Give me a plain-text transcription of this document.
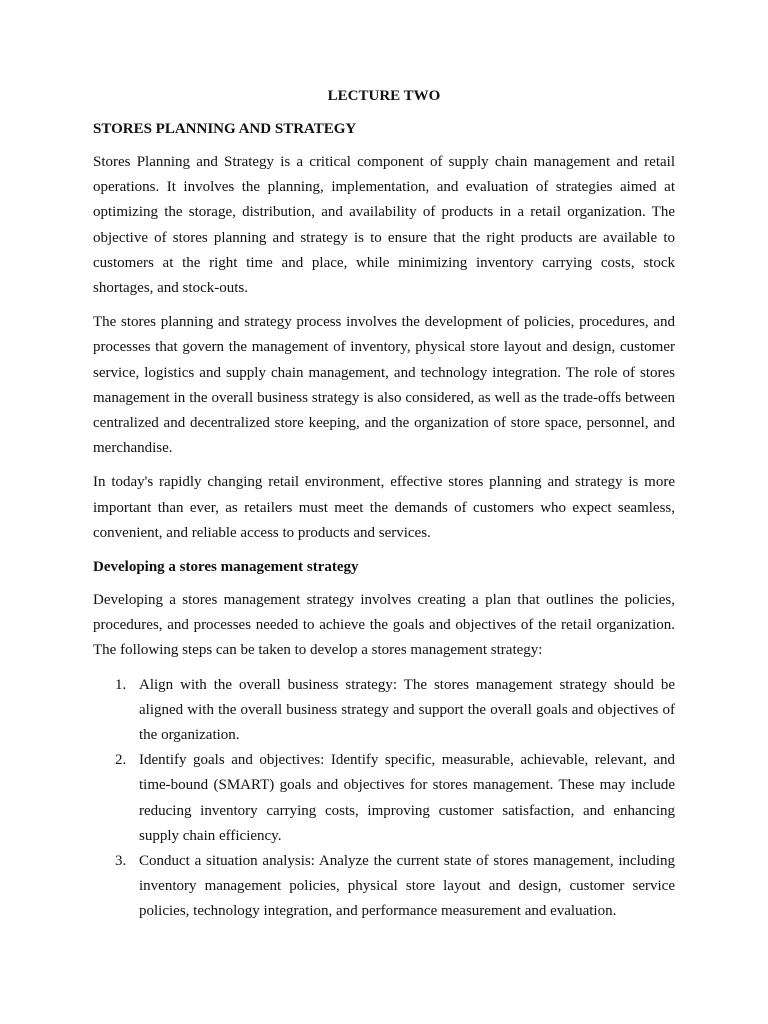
LECTURE TWO
STORES PLANNING AND STRATEGY

Stores Planning and Strategy is a critical component of supply chain management and retail operations. It involves the planning, implementation, and evaluation of strategies aimed at optimizing the storage, distribution, and availability of products in a retail organization. The objective of stores planning and strategy is to ensure that the right products are available to customers at the right time and place, while minimizing inventory carrying costs, stock shortages, and stock-outs.

The stores planning and strategy process involves the development of policies, procedures, and processes that govern the management of inventory, physical store layout and design, customer service, logistics and supply chain management, and technology integration. The role of stores management in the overall business strategy is also considered, as well as the trade-offs between centralized and decentralized store keeping, and the organization of store space, personnel, and merchandise.

In today's rapidly changing retail environment, effective stores planning and strategy is more important than ever, as retailers must meet the demands of customers who expect seamless, convenient, and reliable access to products and services.

Developing a stores management strategy

Developing a stores management strategy involves creating a plan that outlines the policies, procedures, and processes needed to achieve the goals and objectives of the retail organization. The following steps can be taken to develop a stores management strategy:

1. Align with the overall business strategy: The stores management strategy should be aligned with the overall business strategy and support the overall goals and objectives of the organization.
2. Identify goals and objectives: Identify specific, measurable, achievable, relevant, and time-bound (SMART) goals and objectives for stores management. These may include reducing inventory carrying costs, improving customer satisfaction, and enhancing supply chain efficiency.
3. Conduct a situation analysis: Analyze the current state of stores management, including inventory management policies, physical store layout and design, customer service policies, technology integration, and performance measurement and evaluation.
